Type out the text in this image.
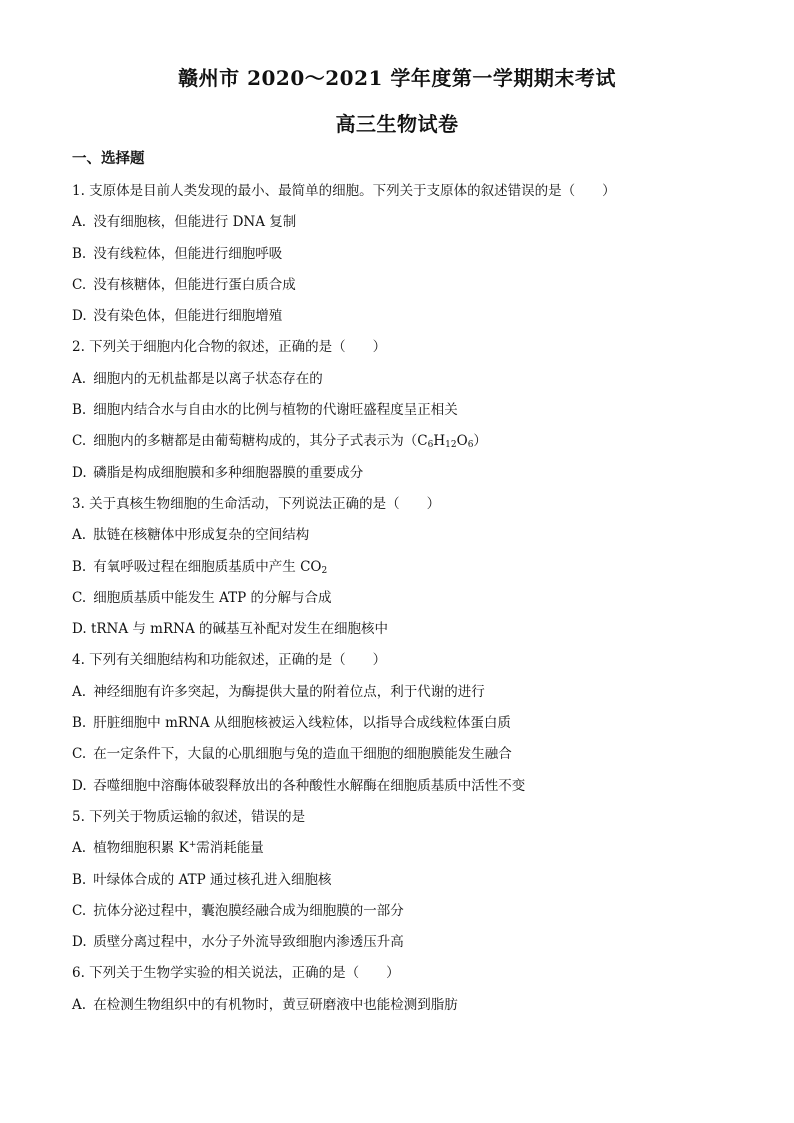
赣州市 2020～2021 学年度第一学期期末考试
高三生物试卷
一、选择题
1. 支原体是目前人类发现的最小、最简单的细胞。下列关于支原体的叙述错误的是（　　）
A. 没有细胞核，但能进行 DNA 复制
B. 没有线粒体，但能进行细胞呼吸
C. 没有核糖体，但能进行蛋白质合成
D. 没有染色体，但能进行细胞增殖
2. 下列关于细胞内化合物的叙述，正确的是（　　）
A. 细胞内的无机盐都是以离子状态存在的
B. 细胞内结合水与自由水的比例与植物的代谢旺盛程度呈正相关
C. 细胞内的多糖都是由葡萄糖构成的，其分子式表示为$(C_6H_{12}O_6)$
D. 磷脂是构成细胞膜和多种细胞器膜的重要成分
3. 关于真核生物细胞的生命活动，下列说法正确的是（　　）
A. 肽链在核糖体中形成复杂的空间结构
B. 有氧呼吸过程在细胞质基质中产生 $CO_2$
C. 细胞质基质中能发生 ATP 的分解与合成
D. tRNA 与 mRNA 的碱基互补配对发生在细胞核中
4. 下列有关细胞结构和功能叙述，正确的是（　　）
A. 神经细胞有许多突起，为酶提供大量的附着位点，利于代谢的进行
B. 肝脏细胞中 mRNA 从细胞核被运入线粒体，以指导合成线粒体蛋白质
C. 在一定条件下，大鼠的心肌细胞与兔的造血干细胞的细胞膜能发生融合
D. 吞噬细胞中溶酶体破裂释放出的各种酸性水解酶在细胞质基质中活性不变
5. 下列关于物质运输的叙述，错误的是
A. 植物细胞积累 K+需消耗能量
B. 叶绿体合成的 ATP 通过核孔进入细胞核
C. 抗体分泌过程中，囊泡膜经融合成为细胞膜的一部分
D. 质壁分离过程中，水分子外流导致细胞内渗透压升高
6. 下列关于生物学实验的相关说法，正确的是（　　）
A. 在检测生物组织中的有机物时，黄豆研磨液中也能检测到脂肪
